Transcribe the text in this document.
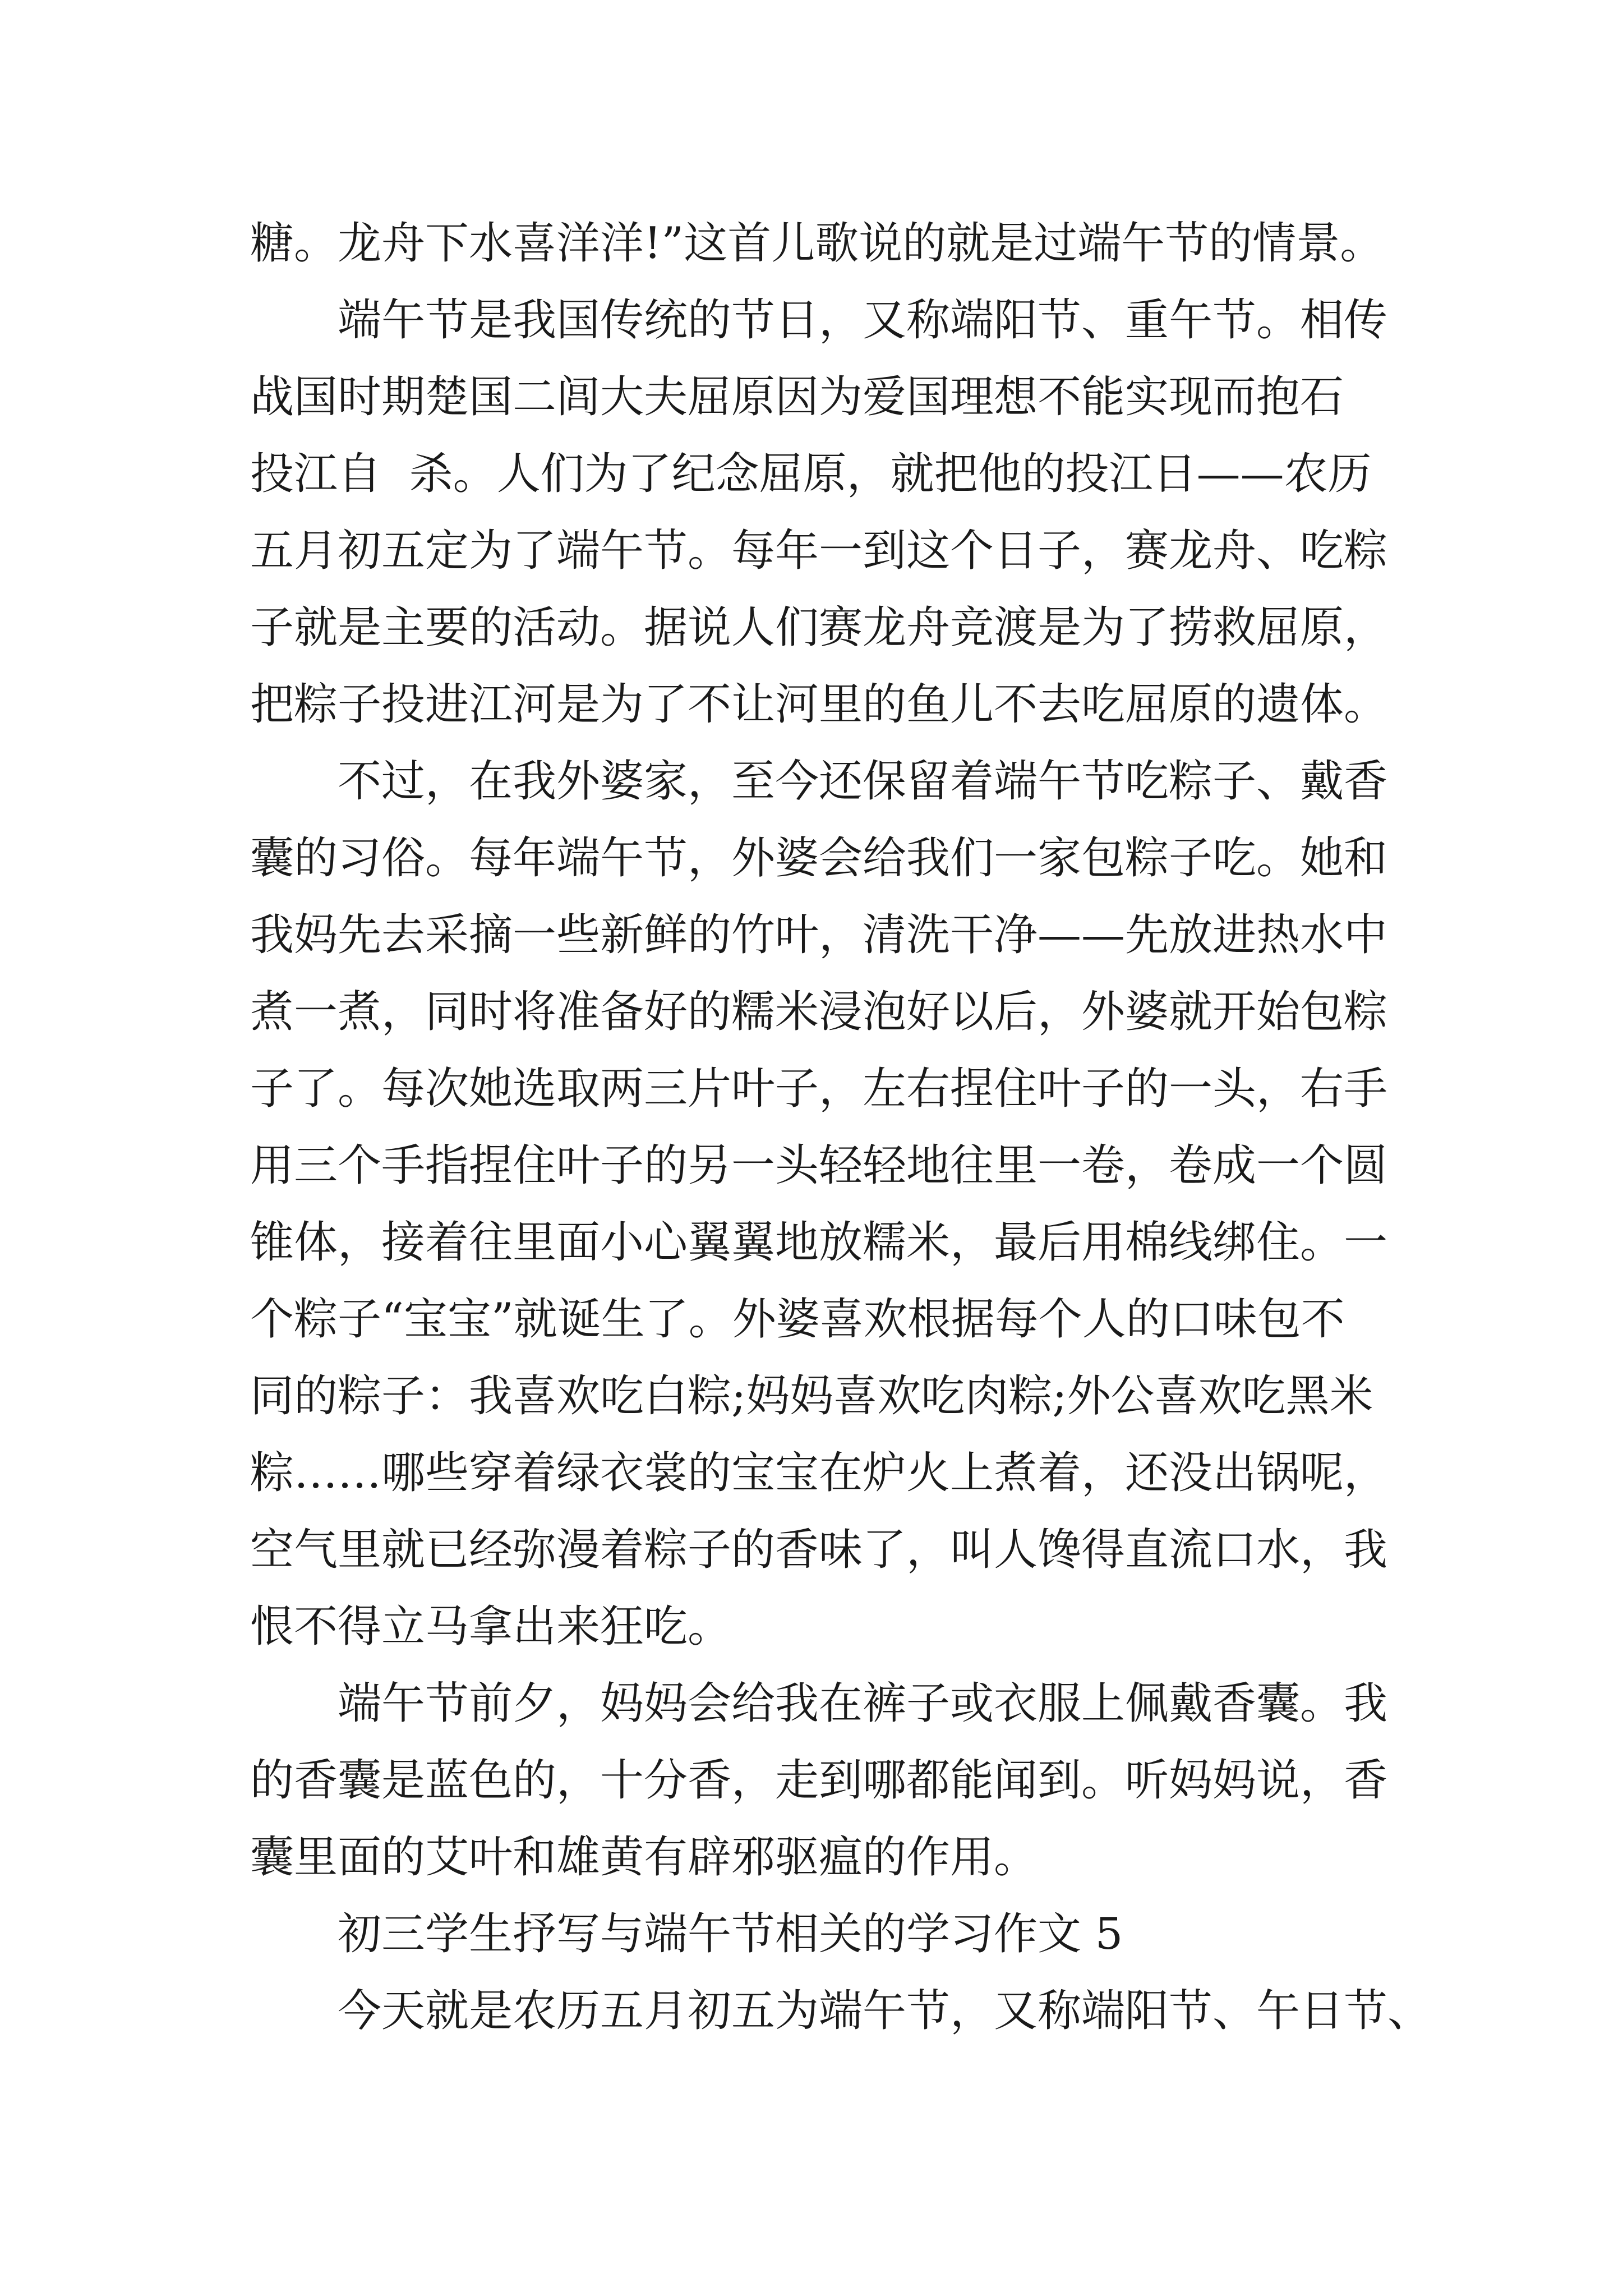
糖。龙舟下水喜洋洋!”这首儿歌说的就是过端午节的情景。
端午节是我国传统的节日，又称端阳节、重午节。相传
战国时期楚国二闾大夫屈原因为爱国理想不能实现而抱石
投江自  杀。人们为了纪念屈原，就把他的投江日——农历
五月初五定为了端午节。每年一到这个日子，赛龙舟、吃粽
子就是主要的活动。据说人们赛龙舟竞渡是为了捞救屈原，
把粽子投进江河是为了不让河里的鱼儿不去吃屈原的遗体。
不过，在我外婆家，至今还保留着端午节吃粽子、戴香
囊的习俗。每年端午节，外婆会给我们一家包粽子吃。她和
我妈先去采摘一些新鲜的竹叶，清洗干净——先放进热水中
煮一煮，同时将准备好的糯米浸泡好以后，外婆就开始包粽
子了。每次她选取两三片叶子，左右捏住叶子的一头，右手
用三个手指捏住叶子的另一头轻轻地往里一卷，卷成一个圆
锥体，接着往里面小心翼翼地放糯米，最后用棉线绑住。一
个粽子“宝宝”就诞生了。外婆喜欢根据每个人的口味包不
同的粽子：我喜欢吃白粽;妈妈喜欢吃肉粽;外公喜欢吃黑米
粽……哪些穿着绿衣裳的宝宝在炉火上煮着，还没出锅呢，
空气里就已经弥漫着粽子的香味了，叫人馋得直流口水，我
恨不得立马拿出来狂吃。
端午节前夕，妈妈会给我在裤子或衣服上佩戴香囊。我
的香囊是蓝色的，十分香，走到哪都能闻到。听妈妈说，香
囊里面的艾叶和雄黄有辟邪驱瘟的作用。
初三学生抒写与端午节相关的学习作文 5
今天就是农历五月初五为端午节，又称端阳节、午日节、
